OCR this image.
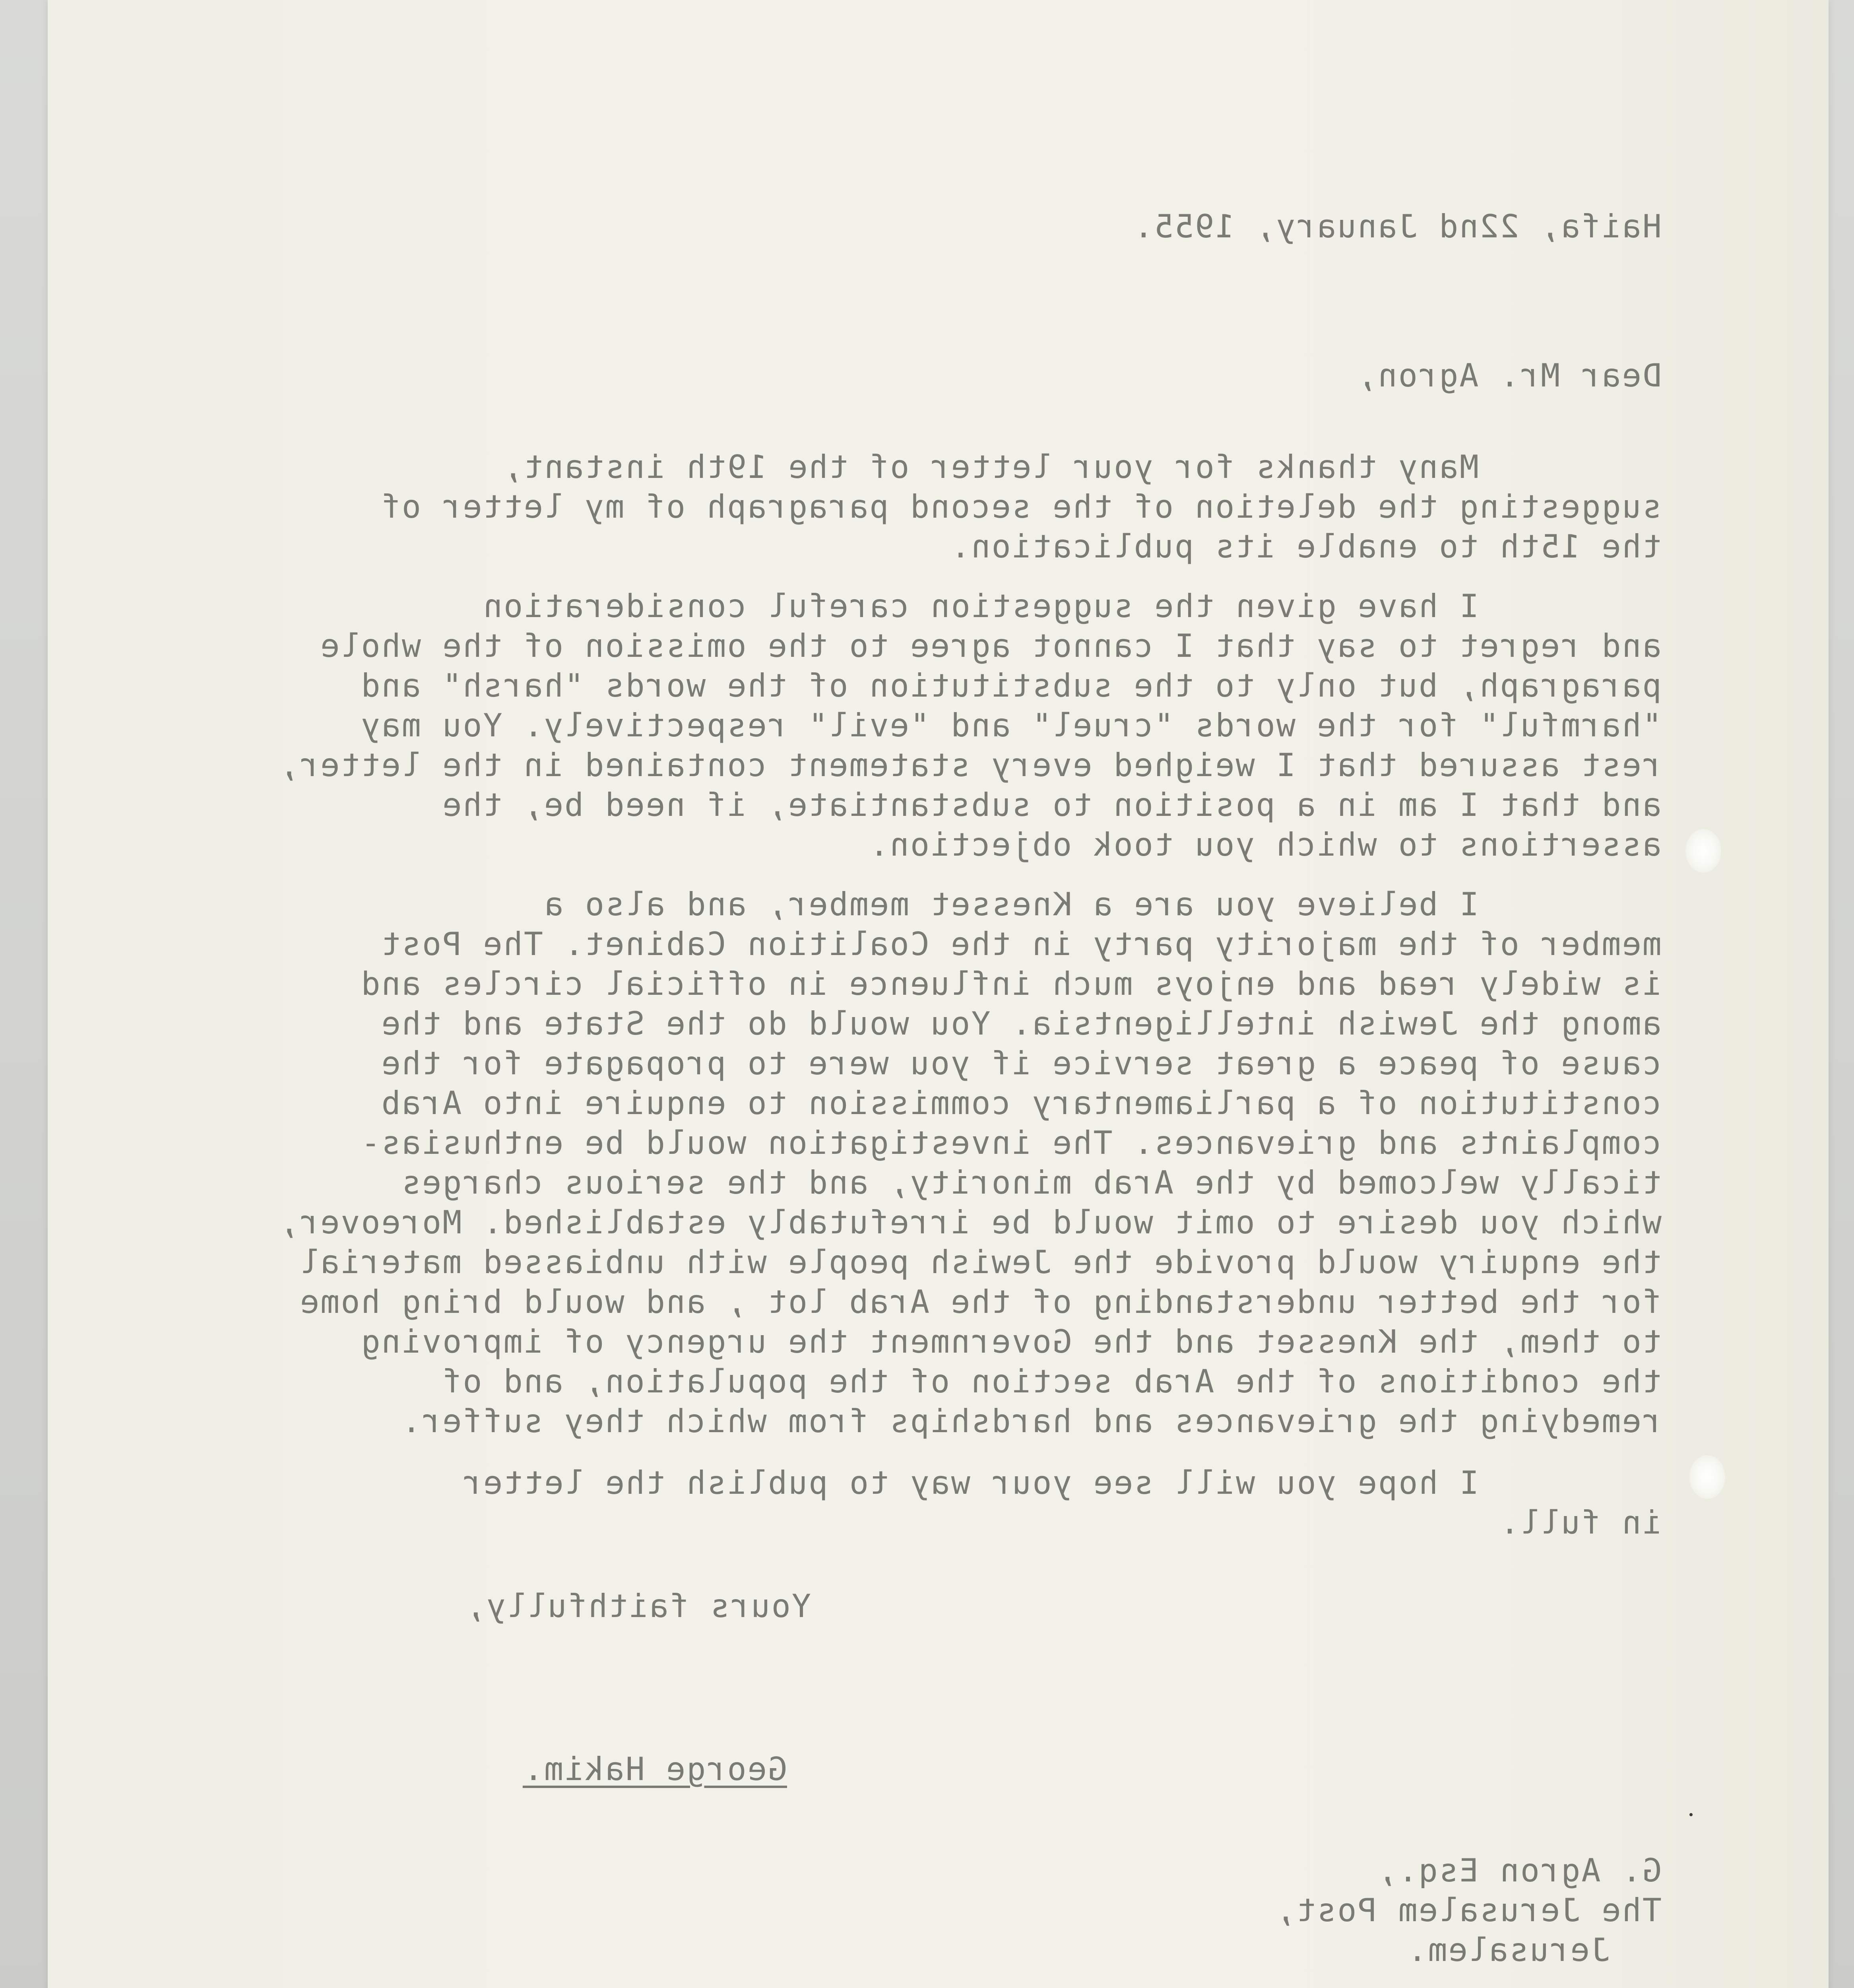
Haifa, 22nd January, 1955.
Dear Mr. Agron,
Many thanks for your letter of the 19th instant,
suggesting the deletion of the second paragraph of my letter of
the 15th to enable its publication.
I have given the suggestion careful consideration
and regret to say that I cannot agree to the omission of the whole
paragraph, but only to the substitution of the words "harsh" and
"harmful" for the words "cruel" and "evil" respectively. You may
rest assured that I weighed every statement contained in the letter,
and that I am in a position to substantiate, if need be, the
assertions to which you took objection.
I believe you are a Knesset member, and also a
member of the majority party in the Coalition Cabinet. The Post
is widely read and enjoys much influence in official circles and
among the Jewish intelligentsia. You would do the State and the
cause of peace a great service if you were to propagate for the
constitution of a parliamentary commission to enquire into Arab
complaints and grievances. The investigation would be enthusias-
tically welcomed by the Arab minority, and the serious charges
which you desire to omit would be irrefutably established. Moreover,
the enquiry would provide the Jewish people with unbiassed material
for the better understanding of the Arab lot , and would bring home
to them, the Knesset and the Government the urgency of improving
the conditions of the Arab section of the population, and of
remedying the grievances and hardships from which they suffer.
I hope you will see your way to publish the letter
in full.
Yours faithfully,
George Hakim.
G. Agron Esq.,
The Jerusalem Post,
Jerusalem.
